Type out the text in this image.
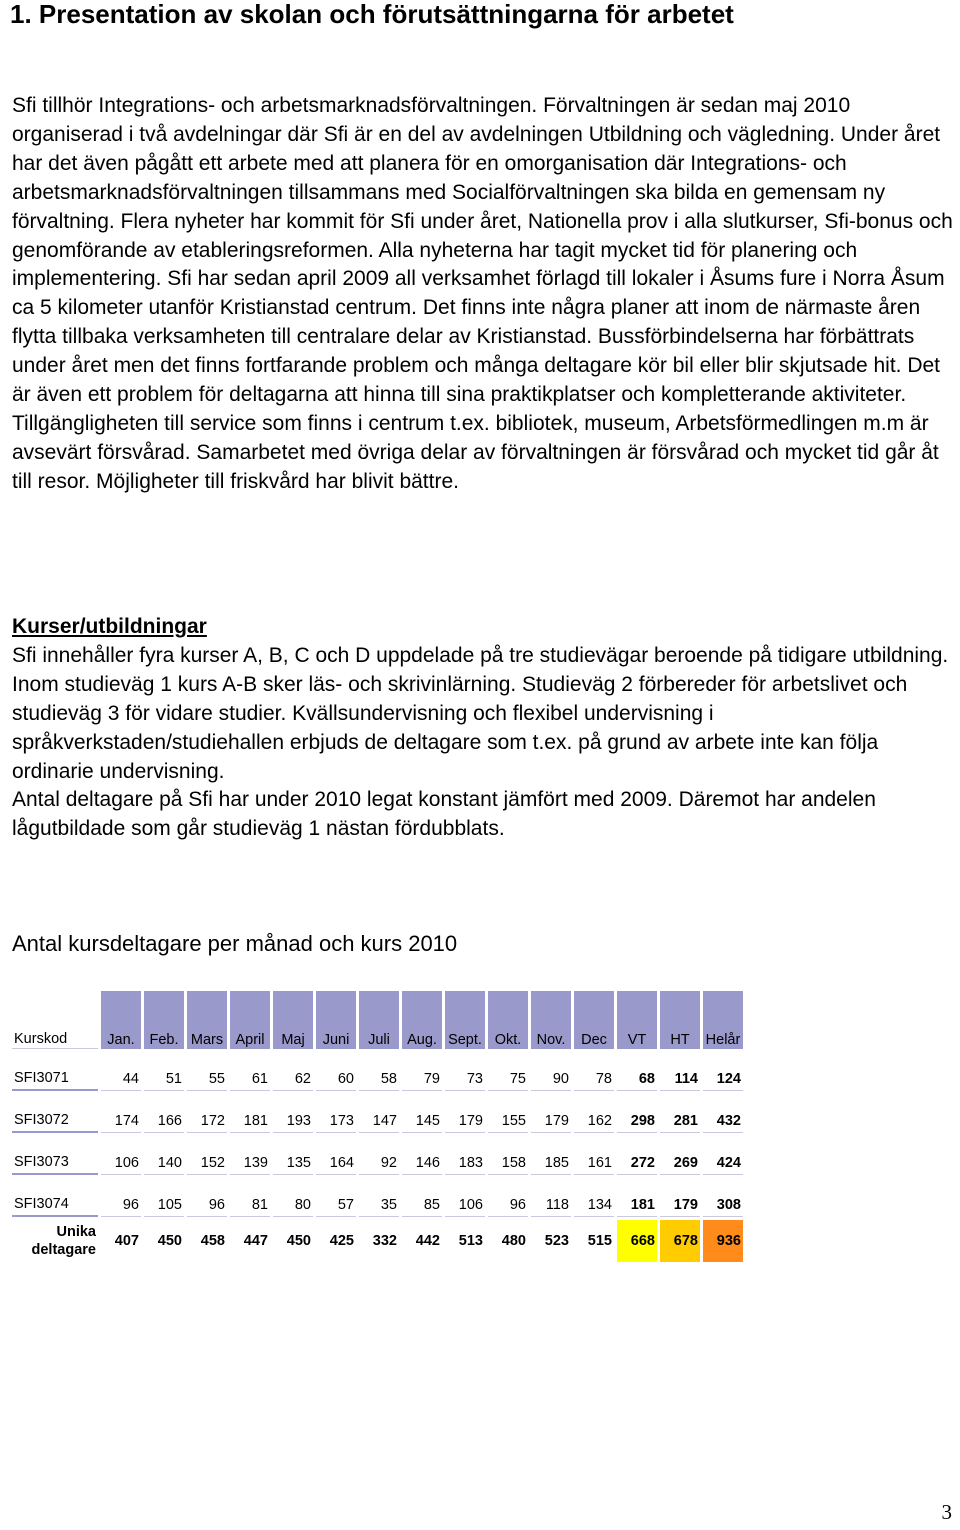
1. Presentation av skolan och förutsättningarna för arbetet

Sfi tillhör Integrations- och arbetsmarknadsförvaltningen. Förvaltningen är sedan maj 2010 organiserad i två avdelningar där Sfi är en del av avdelningen Utbildning och vägledning. Under året har det även pågått ett arbete med att planera för en omorganisation där Integrations- och arbetsmarknadsförvaltningen tillsammans med Socialförvaltningen ska bilda en gemensam ny förvaltning. Flera nyheter har kommit för Sfi under året, Nationella prov i alla slutkurser, Sfi-bonus och genomförande av etableringsreformen. Alla nyheterna har tagit mycket tid för planering och implementering. Sfi har sedan april 2009 all verksamhet förlagd till lokaler i Åsums fure i Norra Åsum ca 5 kilometer utanför Kristianstad centrum. Det finns inte några planer att inom de närmaste åren flytta tillbaka verksamheten till centralare delar av Kristianstad. Bussförbindelserna har förbättrats under året men det finns fortfarande problem och många deltagare kör bil eller blir skjutsade hit. Det är även ett problem för deltagarna att hinna till sina praktikplatser och kompletterande aktiviteter. Tillgängligheten till service som finns i centrum t.ex. bibliotek, museum, Arbetsförmedlingen m.m är avsevärt försvårad. Samarbetet med övriga delar av förvaltningen är försvårad och mycket tid går åt till resor. Möjligheter till friskvård har blivit bättre.

Kurser/utbildningar

Sfi innehåller fyra kurser A, B, C och D uppdelade på tre studievägar beroende på tidigare utbildning. Inom studieväg 1 kurs A-B sker läs- och skrivinlärning. Studieväg 2 förbereder för arbetslivet och studieväg 3 för vidare studier. Kvällsundervisning och flexibel undervisning i språkverkstaden/studiehallen erbjuds de deltagare som t.ex. på grund av arbete inte kan följa ordinarie undervisning.

Antal deltagare på Sfi har under 2010 legat konstant jämfört med 2009. Däremot har andelen lågutbildade som går studieväg 1 nästan fördubblats.

Antal kursdeltagare per månad och kurs 2010

Kurskod	Jan.	Feb.	Mars	April	Maj	Juni	Juli	Aug.	Sept.	Okt.	Nov.	Dec	VT	HT	Helår
SFI3071	44	51	55	61	62	60	58	79	73	75	90	78	68	114	124
SFI3072	174	166	172	181	193	173	147	145	179	155	179	162	298	281	432
SFI3073	106	140	152	139	135	164	92	146	183	158	185	161	272	269	424
SFI3074	96	105	96	81	80	57	35	85	106	96	118	134	181	179	308

Unika
deltagare	407	450	458	447	450	425	332	442	513	480	523	515	668	678	936
3
